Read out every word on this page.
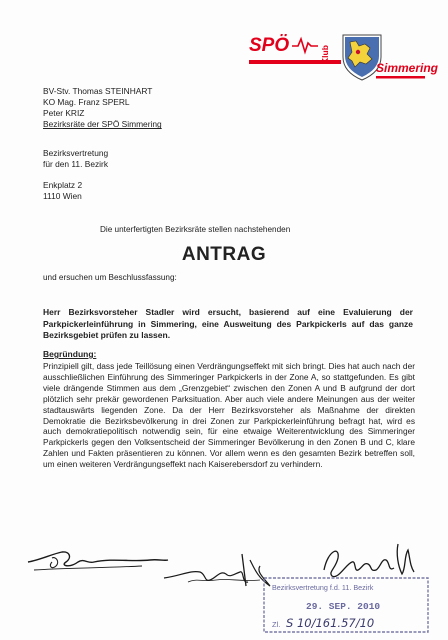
SPÖ	Klub
Simmering
BV-Stv. Thomas STEINHART
KO Mag. Franz SPERL
Peter KRIZ
Bezirksräte der SPÖ Simmering
Bezirksvertretung
für den 11. Bezirk
Enkplatz 2
1110 Wien
Die unterfertigten Bezirksräte stellen nachstehenden
ANTRAG
und ersuchen um Beschlussfassung:
Herr Bezirksvorsteher Stadler wird ersucht, basierend auf eine Evaluierung der Parkpickerleinführung in Simmering, eine Ausweitung des Parkpickerls auf das ganze Bezirksgebiet prüfen zu lassen.
Begründung:
Prinzipiell gilt, dass jede Teillösung einen Verdrängungseffekt mit sich bringt. Dies hat auch nach der ausschließlichen Einführung des Simmeringer Parkpickerls in der Zone A, so stattgefunden. Es gibt viele drängende Stimmen aus dem „Grenzgebiet“ zwischen den Zonen A und B aufgrund der dort plötzlich sehr prekär gewordenen Parksituation. Aber auch viele andere Meinungen aus der weiter stadtauswärts liegenden Zone. Da der Herr Bezirksvorsteher als Maßnahme der direkten Demokratie die Bezirksbevölkerung in drei Zonen zur Parkpickerleinführung befragt hat, wird es auch demokratiepolitisch notwendig sein, für eine etwaige Weiterentwicklung des Simmeringer Parkpickerls gegen den Volksentscheid der Simmeringer Bevölkerung in den Zonen B und C, klare Zahlen und Fakten präsentieren zu können. Vor allem wenn es den gesamten Bezirk betreffen soll, um einen weiteren Verdrängungseffekt nach Kaiserebersdorf zu verhindern.
Bezirksvertretung f.d. 11. Bezirk
29. SEP. 2010
Zl. S 10/161.57/10
